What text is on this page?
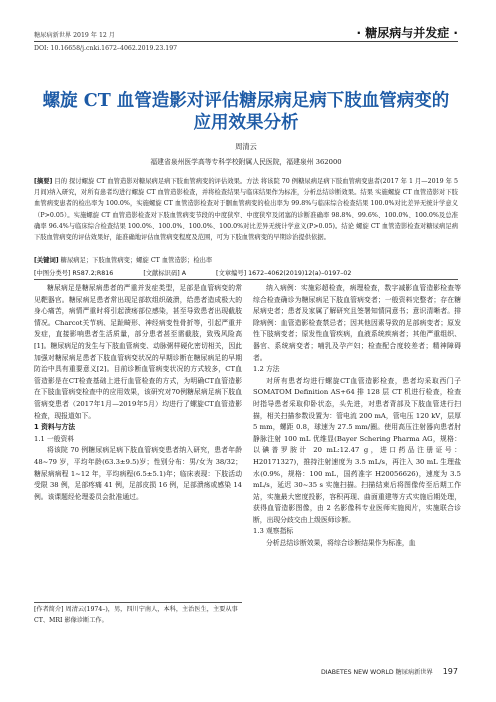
糖尿病新世界 2019 年 12 月	· 糖尿病与并发症 ·
DOI: 10.16658/j.cnki.1672–4062.2019.23.197
螺旋 CT 血管造影对评估糖尿病足病下肢血管病变的
应用效果分析
周清云
福建省泉州医学高等专科学校附属人民医院，福建泉州 362000
[摘要] 目的 探讨螺旋 CT 血管造影对糖尿病足病下肢血管病变的评估效果。方法 将该院 70 例糖尿病足病下肢血管病变患者(2017 年 1 月—2019 年 5 月间)纳入研究，对所有患者均进行螺旋 CT 血管造影检查，并将检查结果与临床结果作为标准，分析总结诊断效果。结果 实施螺旋 CT 血管造影对下肢血管病变患者的检出率为 100.0%，实施螺旋 CT 血管造影检查对于腘血管病变的检出率为 99.8%与临床综合检查结果 100.0%对比差异无统计学意义（P>0.05）。实施螺旋 CT 血管造影检查对下肢血管病变节段的中度狭窄、中度狭窄及闭塞的诊断准确率 98.8%、99.6%、100.0%、100.0%及总准确率 96.4%与临床综合检查结果 100.0%、100.0%、100.0%、100.0%对比差异无统计学意义(P>0.05)。结论 螺旋 CT 血管造影检查对糖尿病足病下肢血管病变的评估效果好，能准确地评估血管病变程度及范围，可为下肢血管病变的早期诊治提供依据。
[关键词] 糖尿病足；下肢血管病变；螺旋 CT 血管造影；检出率
[中图分类号] R587.2;R816	[文献标识码] A	[文章编号] 1672–4062(2019)12(a)–0197–02

糖尿病足是糖尿病患者的严重并发症类型，足部是血管病变的常见靶器官。糖尿病足患者常出现足部软组织破溃，给患者造成极大的身心痛苦，病情严重时将引起溃疡部位感染，甚至导致患者出现截肢情况。Charcot关节病、足趾畸形、神经病变性骨折等，引起严重并发症，直接影响患者生活质量，部分患者甚至需截肢，致残风险高[1]。糖尿病足的发生与下肢血管病变、动脉粥样硬化密切相关，因此加强对糖尿病足患者下肢血管病变状况的早期诊断在糖尿病足的早期防治中具有重要意义[2]。目前诊断血管病变状况的方式较多，CT血管造影是在CT检查基础上进行血管检查的方式，为明确CT血管造影在下肢血管病变检查中的应用效果，该研究对70例糖尿病足病下肢血管病变患者（2017年1月—2019年5月）均进行了螺旋CT血管造影检查，现报道如下。

1 资料与方法

1.1 一般资料

将该院 70 例糖尿病足病下肢血管病变患者纳入研究，患者年龄 48~79 岁，平均年龄(63.3±9.5)岁；性别分布：男/女为 38/32；糖尿病病程 1~12 年，平均病程(6.5±5.1)年；临床表现：下肢活动受限 38 例，足部疼痛 41 例，足部皮损 16 例，足部溃疡或感染 14 例。该课题经伦理委员会批准通过。

[作者简介] 周清云(1974–)，男，四川宁南人，本科，主治医生，主要从事 CT、MRI 影像诊断工作。

纳入病例：实施彩超检查，病理检查，数字减影血管造影检查等综合检查确诊为糖尿病足下肢血管病变者；一般资料完整者；存在糖尿病史者；患者及家属了解研究且签署知情同意书；意识清晰者。排除病例：血管造影检查禁忌者；因其他因素导致的足部病变者；原发性下肢病变者；原发性血管疾病，血液系统疾病者；其他严重组织、器官、系统病变者；哺乳及孕产妇；检查配合度较差者；精神障碍者。

1.2 方法

对所有患者均进行螺旋CT血管造影检查，患者均采取西门子 SOMATOM Definition AS+64 排 128 层 CT 机进行检查，检查时指导患者采取仰卧状态，头先进，对患者背部及下肢血管进行扫描，相关扫描参数设置为：管电流 200 mA，管电压 120 kV，层厚 5 mm，螺距 0.8，球速为 27.5 mm/圈。使用高压注射器向患者肘静脉注射 100 mL 优维显(Bayer Schering Pharma AG，规格：以碘普罗胺计 20 mL:12.47 g，进口药品注册证号：H20171327)，推持注射速度为 3.5 mL/s，再注入 30 mL 生理盐水(0.9%，规格：100 mL，国药准字 H20056626)，速度为 3.5 mL/s，延迟 30~35 s 实施扫描。扫描结束后将图像传至后期工作站，实施最大密度投影，容积再现、曲面重建等方式实施后期处理，获得血管造影图像，由 2 名影像科专业医师实施阅片，实施联合诊断，出现分歧交由上级医师诊断。

1.3 观察指标

分析总结诊断效果，将综合诊断结果作为标准，血

DIABETES NEW WORLD 糖尿病新世界 197
